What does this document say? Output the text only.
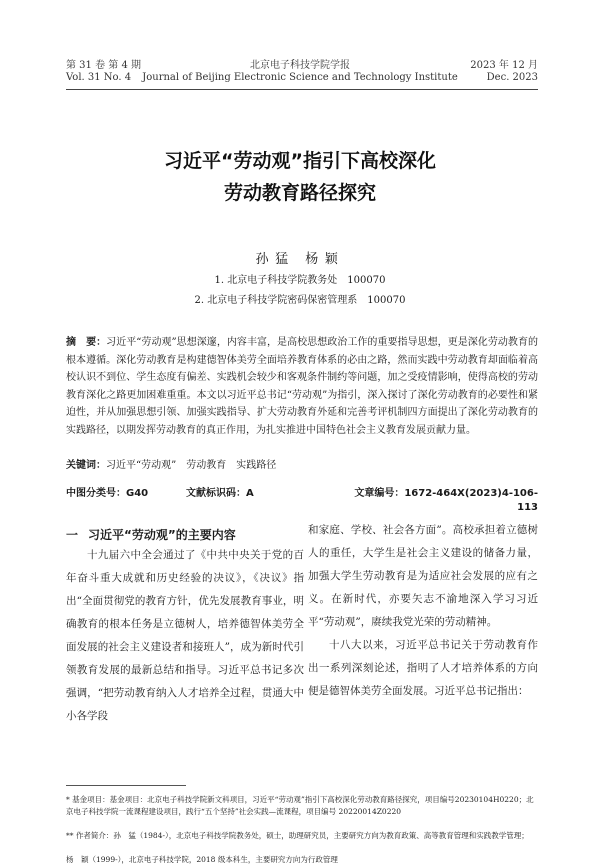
第 31 卷 第 4 期
Vol. 31 No. 4
北京电子科技学院学报
Journal of Beijing Electronic Science and Technology Institute
2023 年 12 月
Dec. 2023
习近平“劳动观”指引下高校深化
劳动教育路径探究
孙猛 杨颖
1. 北京电子科技学院教务处　100070
2. 北京电子科技学院密码保密管理系　100070
摘　要：习近平“劳动观”思想深邃，内容丰富，是高校思想政治工作的重要指导思想，更是深化劳动教育的根本遵循。深化劳动教育是构建德智体美劳全面培养教育体系的必由之路，然而实践中劳动教育却面临着高校认识不到位、学生态度有偏差、实践机会较少和客观条件制约等问题，加之受疫情影响，使得高校的劳动教育深化之路更加困难重重。本文以习近平总书记“劳动观”为指引，深入探讨了深化劳动教育的必要性和紧迫性，并从加强思想引领、加强实践指导、扩大劳动教育外延和完善考评机制四方面提出了深化劳动教育的实践路径，以期发挥劳动教育的真正作用，为扎实推进中国特色社会主义教育发展贡献力量。
关键词：习近平“劳动观”　劳动教育　实践路径
中图分类号：G40	文献标识码：A	文章编号：1672-464X(2023)4-106-113
一 习近平“劳动观”的主要内容

十九届六中全会通过了《中共中央关于党的百年奋斗重大成就和历史经验的决议》，《决议》指出“全面贯彻党的教育方针，优先发展教育事业，明确教育的根本任务是立德树人，培养德智体美劳全面发展的社会主义建设者和接班人”，成为新时代引领教育发展的最新总结和指导。习近平总书记多次强调，“把劳动教育纳入人才培养全过程，贯通大中小各学段

和家庭、学校、社会各方面”。高校承担着立德树人的重任，大学生是社会主义建设的储备力量，加强大学生劳动教育是为适应社会发展的应有之义。在新时代，亦要矢志不渝地深入学习习近平“劳动观”，赓续我党光荣的劳动精神。

十八大以来，习近平总书记关于劳动教育作出一系列深刻论述，指明了人才培养体系的方向便是德智体美劳全面发展。习近平总书记指出：

* 基金项目：基金项目：北京电子科技学院新文科项目，习近平“劳动观”指引下高校深化劳动教育路径探究，项目编号20230104H0220；北京电子科技学院一流课程建设项目，践行“五个坚持”社会实践—流课程，项目编号 20220014Z0220
** 作者简介：孙　猛（1984-），北京电子科技学院教务处，硕士，助理研究员，主要研究方向为教育政策、高等教育管理和实践教学管理；
杨　颖（1999-），北京电子科技学院，2018 级本科生，主要研究方向为行政管理
